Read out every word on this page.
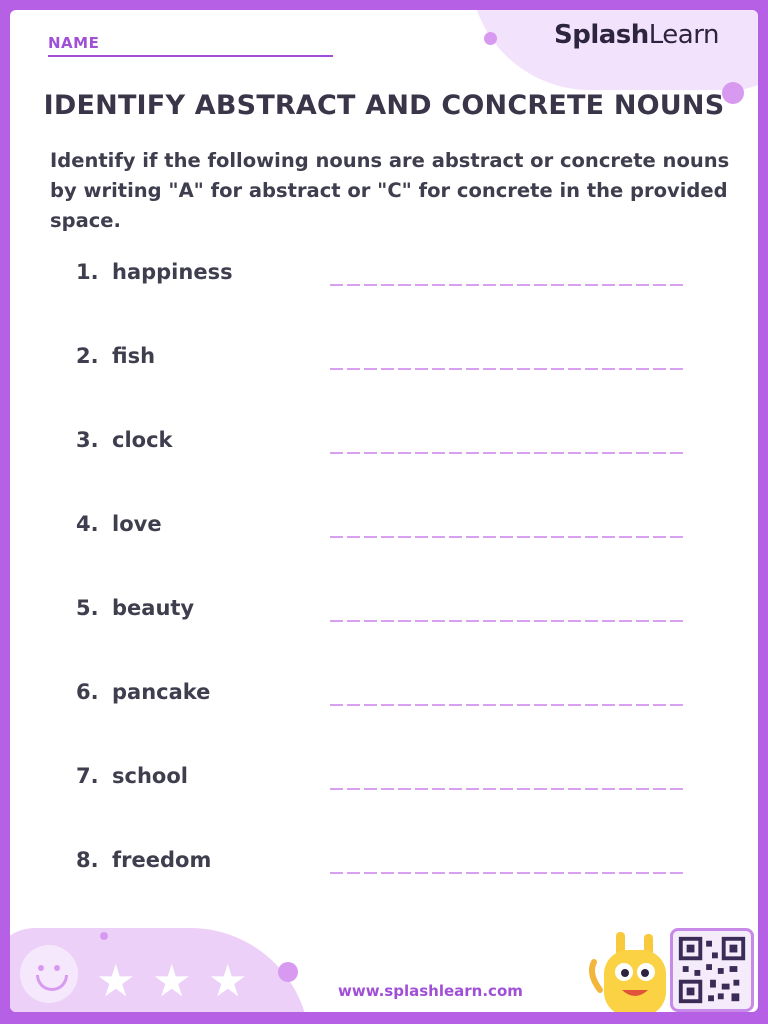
NAME	SplashLearn
IDENTIFY ABSTRACT AND CONCRETE NOUNS
Identify if the following nouns are abstract or concrete nouns by writing "A" for abstract or "C" for concrete in the provided space.
1. happiness
2. fish
3. clock
4. love
5. beauty
6. pancake
7. school
8. freedom
★ ★ ★	www.splashlearn.com
